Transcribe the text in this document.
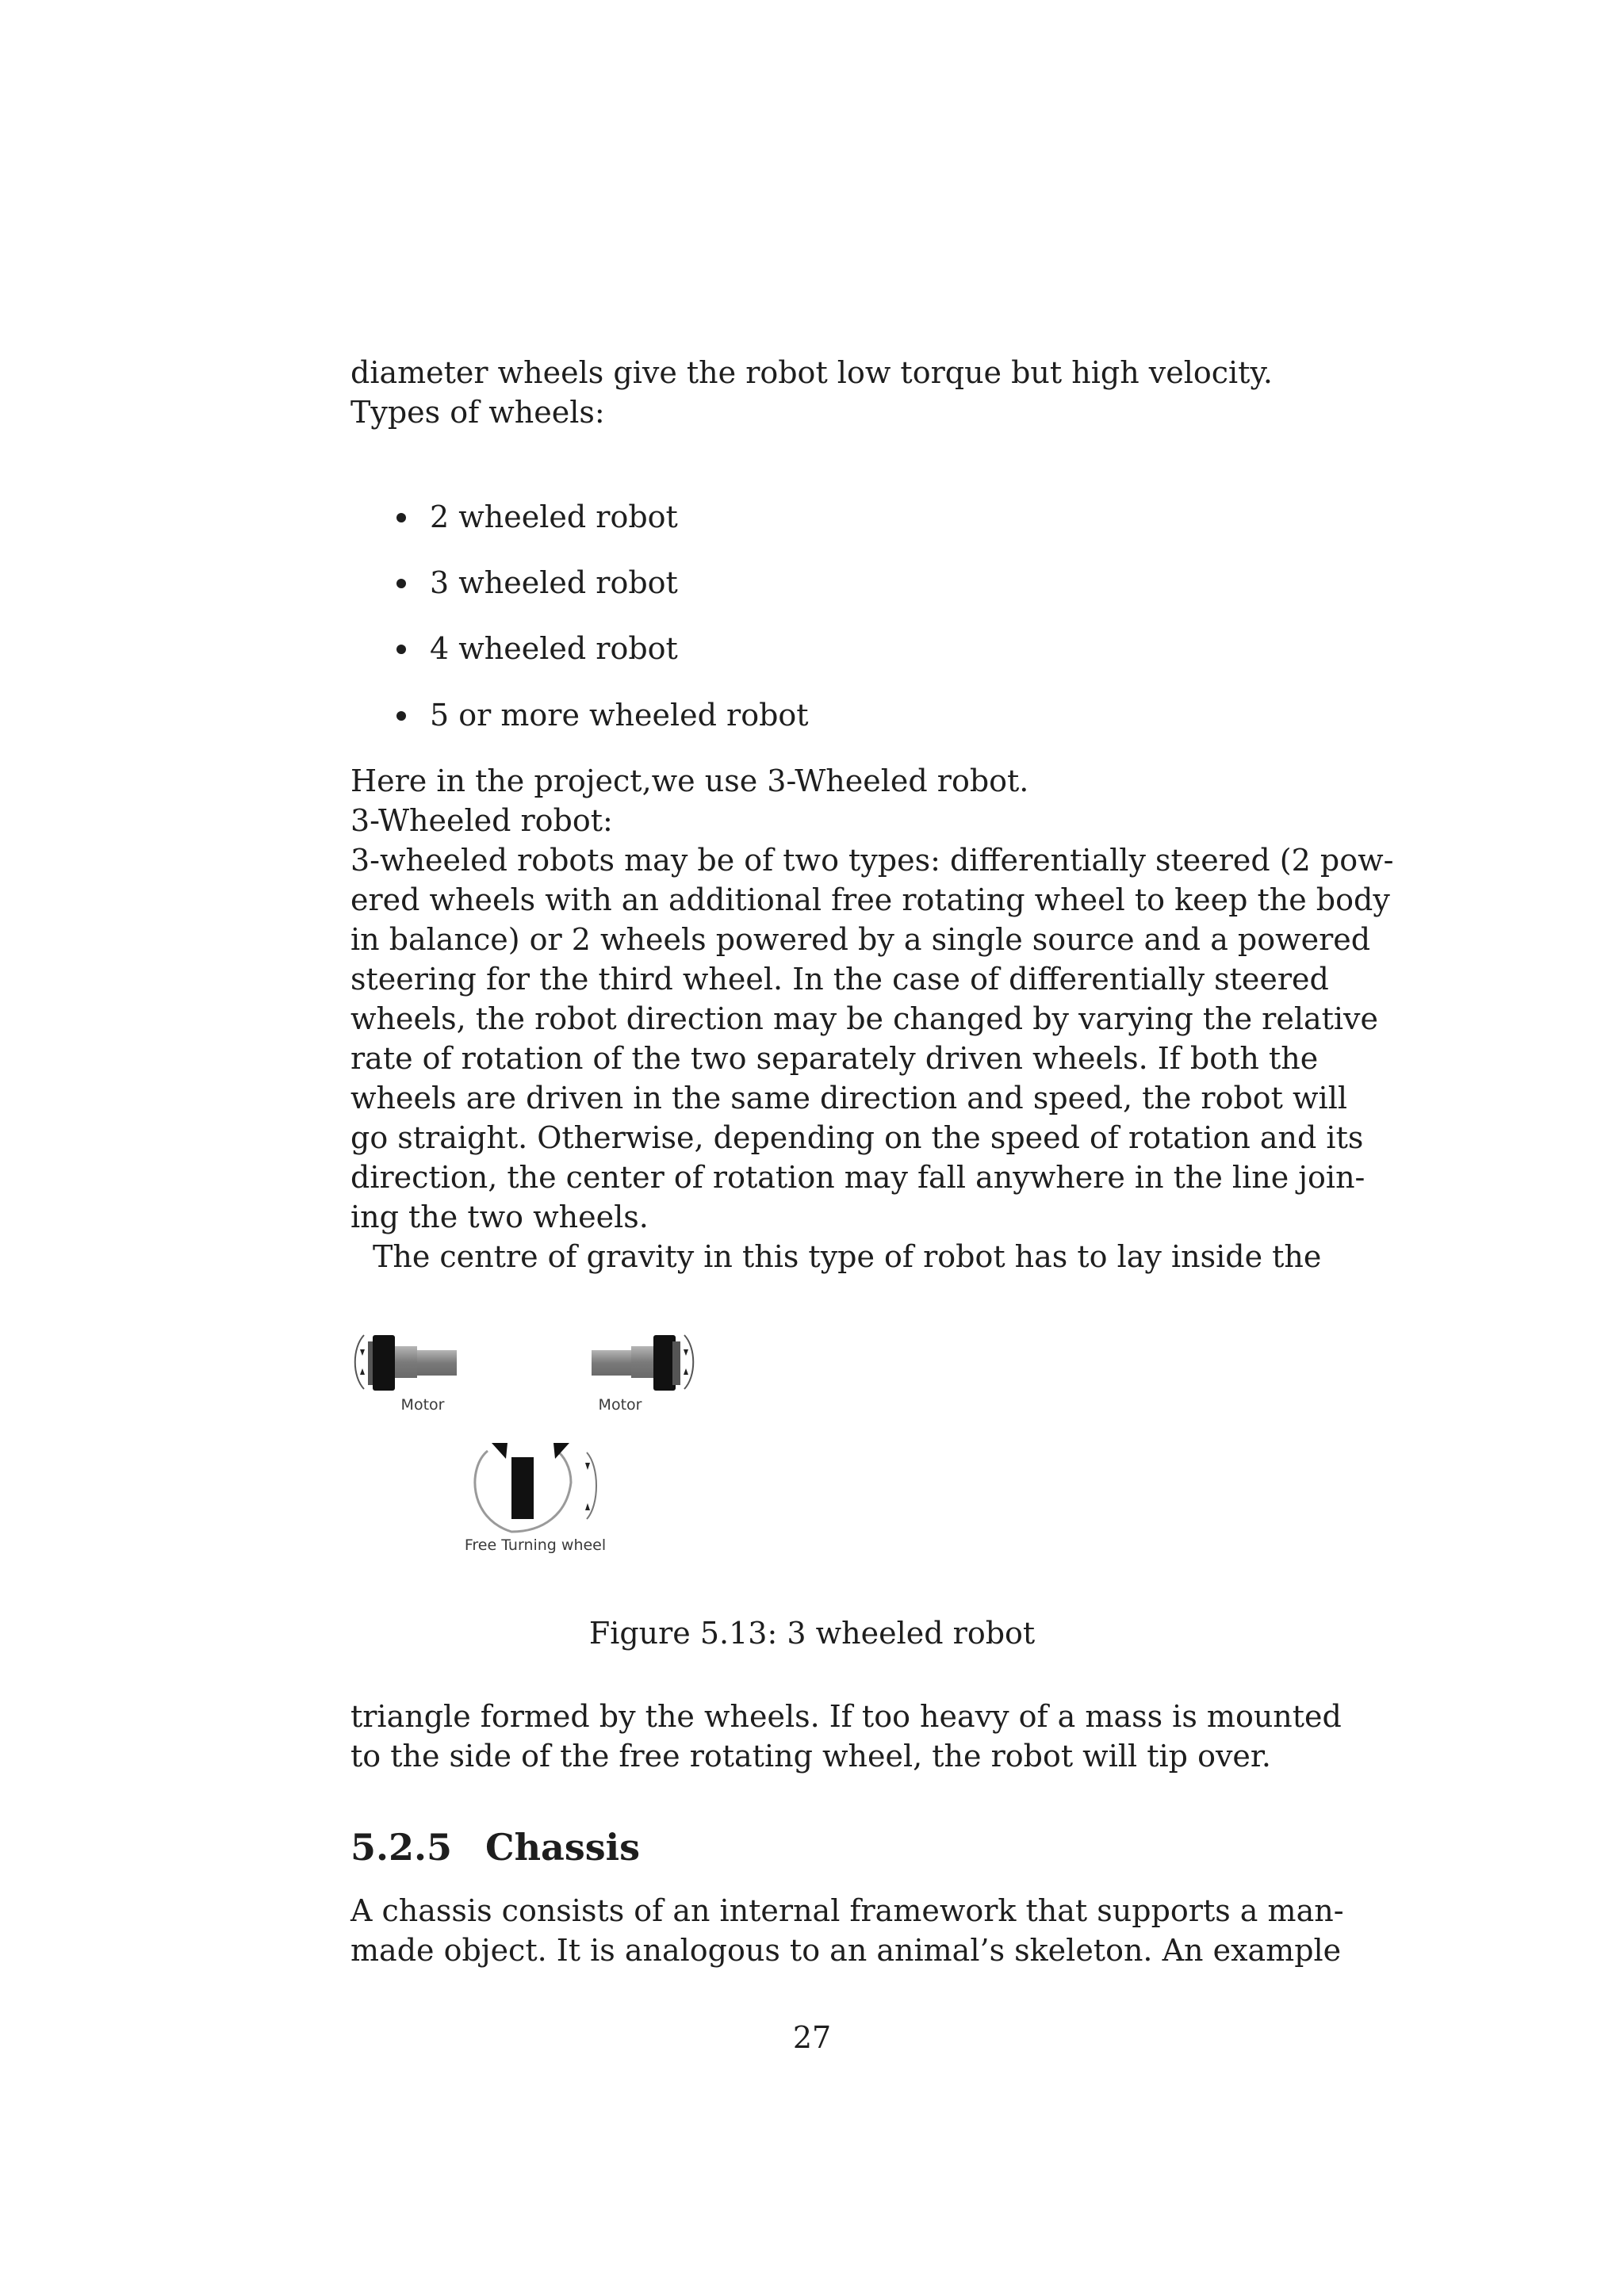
diameter wheels give the robot low torque but high velocity.
Types of wheels:
2 wheeled robot
3 wheeled robot
4 wheeled robot
5 or more wheeled robot
Here in the project,we use 3-Wheeled robot.
3-Wheeled robot:
3-wheeled robots may be of two types: differentially steered (2 pow-
ered wheels with an additional free rotating wheel to keep the body
in balance) or 2 wheels powered by a single source and a powered
steering for the third wheel. In the case of differentially steered
wheels, the robot direction may be changed by varying the relative
rate of rotation of the two separately driven wheels. If both the
wheels are driven in the same direction and speed, the robot will
go straight. Otherwise, depending on the speed of rotation and its
direction, the center of rotation may fall anywhere in the line join-
ing the two wheels.
The centre of gravity in this type of robot has to lay inside the
Motor	Motor
Free Turning wheel
Figure 5.13: 3 wheeled robot
triangle formed by the wheels. If too heavy of a mass is mounted
to the side of the free rotating wheel, the robot will tip over.
5.2.5 Chassis
A chassis consists of an internal framework that supports a man-
made object. It is analogous to an animal’s skeleton. An example
27
